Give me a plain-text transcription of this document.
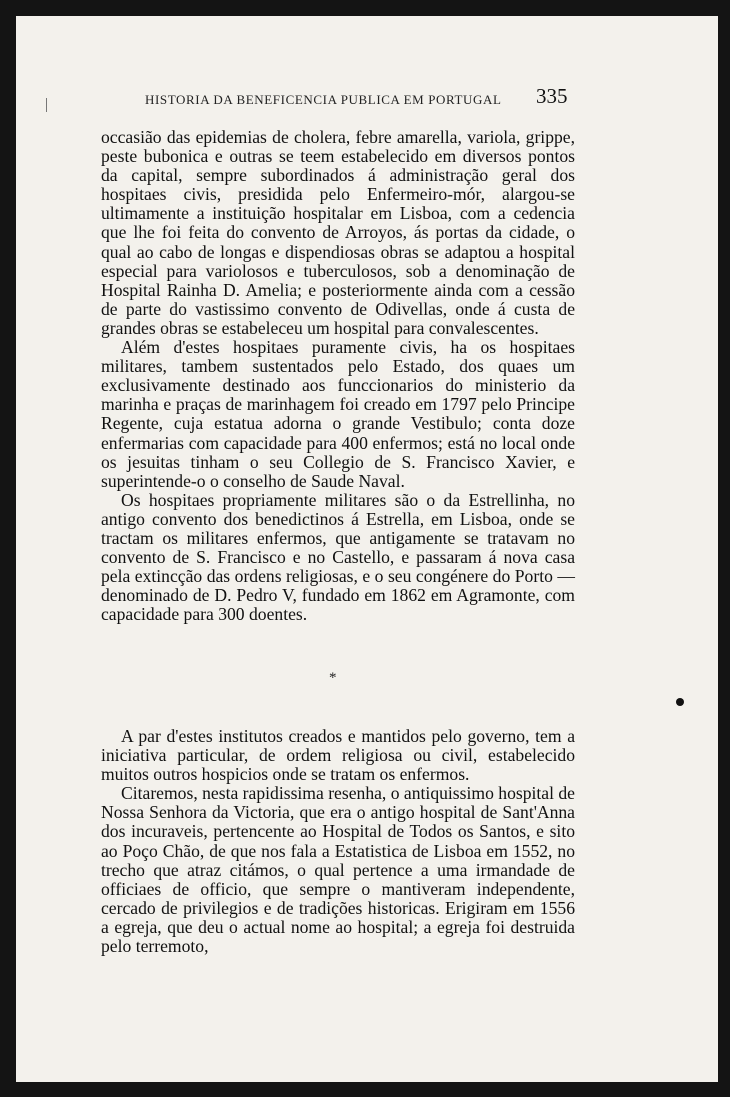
HISTORIA DA BENEFICENCIA PUBLICA EM PORTUGAL	335

occasião das epidemias de cholera, febre amarella, variola, grippe, peste bubonica e outras se teem estabelecido em diversos pontos da capital, sempre subordinados á administração geral dos hospitaes civis, presidida pelo Enfermeiro-mór, alargou-se ultimamente a instituição hospitalar em Lisboa, com a cedencia que lhe foi feita do convento de Arroyos, ás portas da cidade, o qual ao cabo de longas e dispendiosas obras se adaptou a hospital especial para variolosos e tuberculosos, sob a denominação de Hospital Rainha D. Amelia; e posteriormente ainda com a cessão de parte do vastissimo convento de Odivellas, onde á custa de grandes obras se estabeleceu um hospital para convalescentes.

Além d'estes hospitaes puramente civis, ha os hospitaes militares, tambem sustentados pelo Estado, dos quaes um exclusivamente destinado aos funccionarios do ministerio da marinha e praças de marinhagem foi creado em 1797 pelo Principe Regente, cuja estatua adorna o grande Vestibulo; conta doze enfermarias com capacidade para 400 enfermos; está no local onde os jesuitas tinham o seu Collegio de S. Francisco Xavier, e superintende-o o conselho de Saude Naval.

Os hospitaes propriamente militares são o da Estrellinha, no antigo convento dos benedictinos á Estrella, em Lisboa, onde se tractam os militares enfermos, que antigamente se tratavam no convento de S. Francisco e no Castello, e passaram á nova casa pela extincção das ordens religiosas, e o seu congénere do Porto — denominado de D. Pedro V, fundado em 1862 em Agramonte, com capacidade para 300 doentes.

*

A par d'estes institutos creados e mantidos pelo governo, tem a iniciativa particular, de ordem religiosa ou civil, estabelecido muitos outros hospicios onde se tratam os enfermos.

Citaremos, nesta rapidissima resenha, o antiquissimo hospital de Nossa Senhora da Victoria, que era o antigo hospital de Sant'Anna dos incuraveis, pertencente ao Hospital de Todos os Santos, e sito ao Poço Chão, de que nos fala a Estatistica de Lisboa em 1552, no trecho que atraz citámos, o qual pertence a uma irmandade de officiaes de officio, que sempre o mantiveram independente, cercado de privilegios e de tradições historicas. Erigiram em 1556 a egreja, que deu o actual nome ao hospital; a egreja foi destruida pelo terremoto,
